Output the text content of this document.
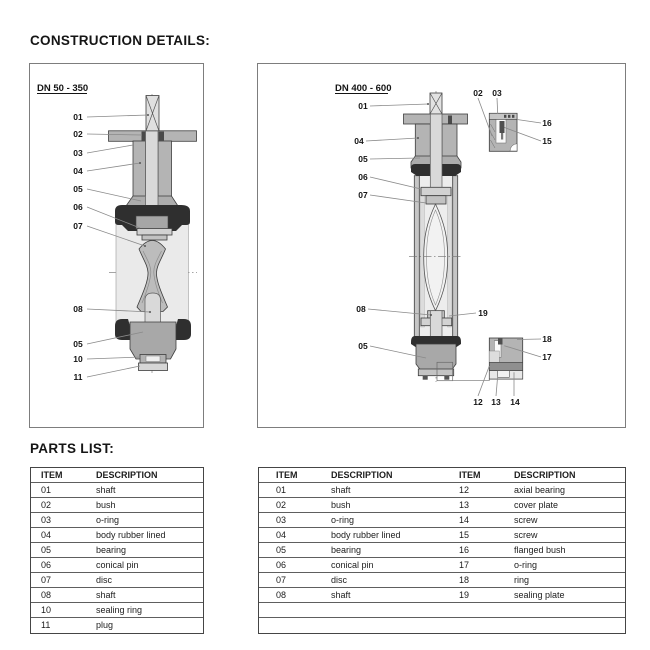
CONSTRUCTION DETAILS:
DN 50 - 350
01
02
03
04
05
06
07
08
05
10
11
DN 400 - 600
01
04
05
06
07
02 03
16
15
08	19
05
18
17
12 13 14
PARTS LIST:
ITEM	DESCRIPTION
01	shaft
02	bush
03	o-ring
04	body rubber lined
05	bearing
06	conical pin
07	disc
08	shaft
10	sealing ring
11	plug
ITEM	DESCRIPTION	ITEM	DESCRIPTION
01	shaft	12	axial bearing
02	bush	13	cover plate
03	o-ring	14	screw
04	body rubber lined	15	screw
05	bearing	16	flanged bush
06	conical pin	17	o-ring
07	disc	18	ring
08	shaft	19	sealing plate
